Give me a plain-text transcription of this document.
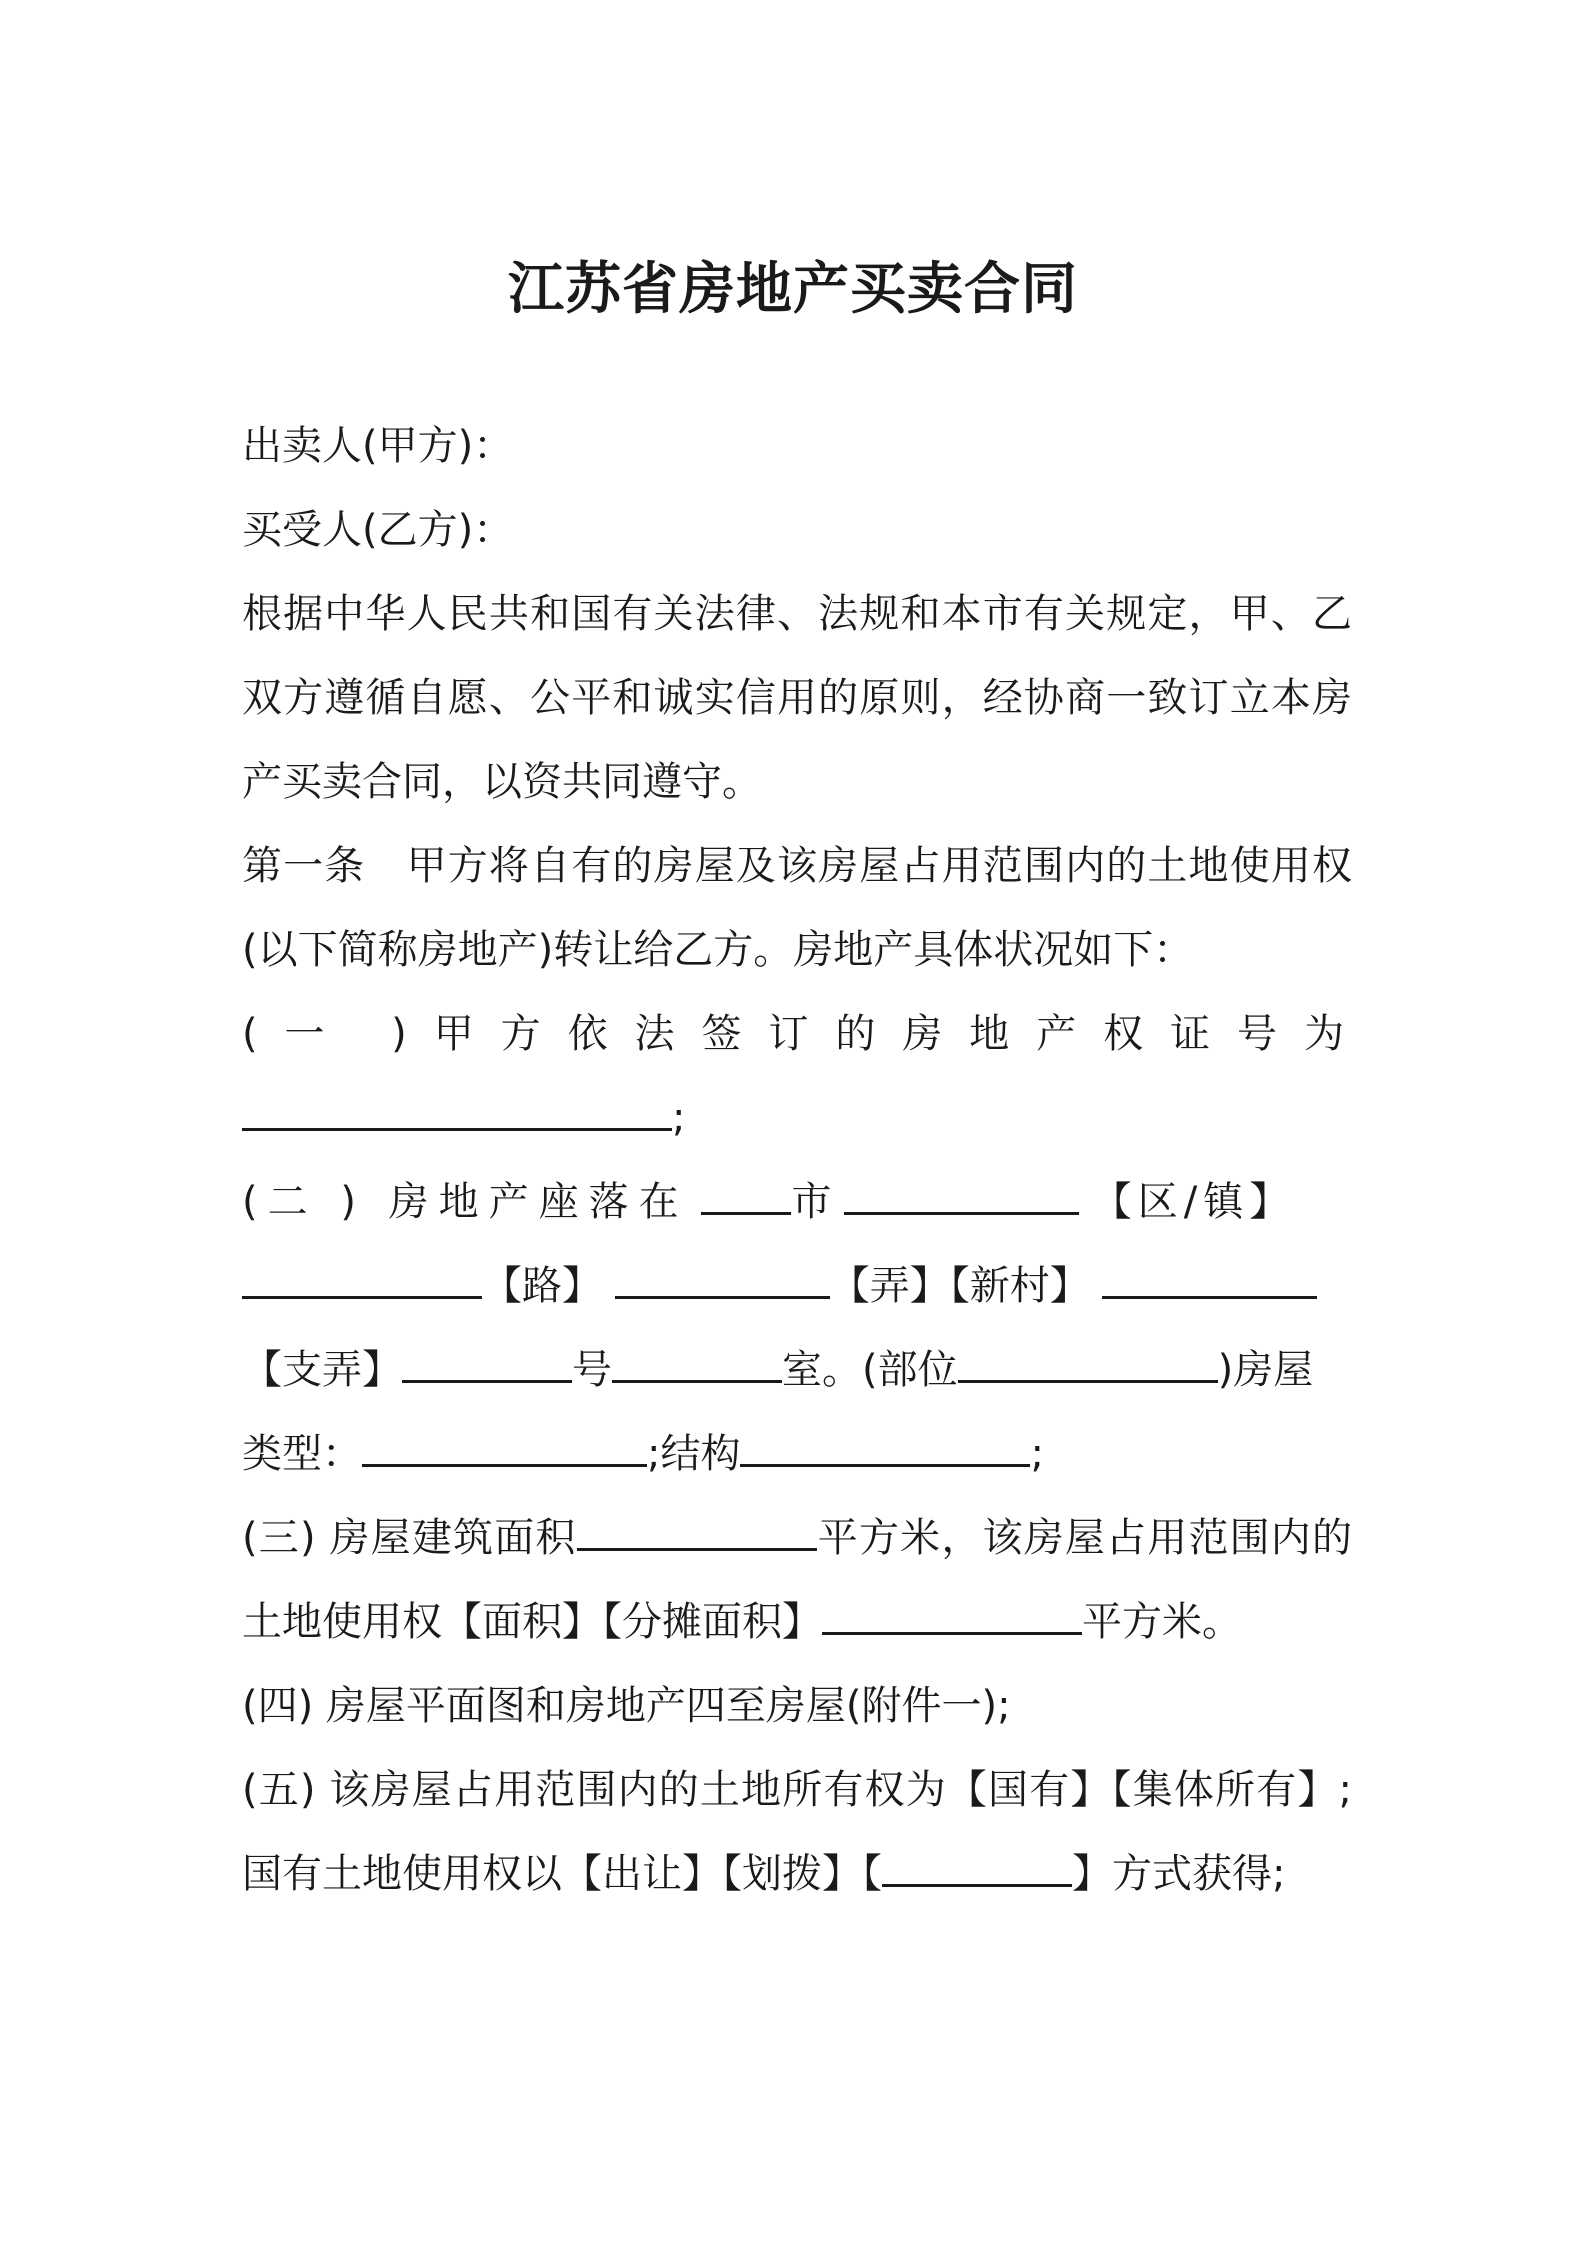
江苏省房地产买卖合同
出卖人(甲方)：
买受人(乙方)：
根据中华人民共和国有关法律、法规和本市有关规定，甲、乙双方遵循自愿、公平和诚实信用的原则，经协商一致订立本房产买卖合同，以资共同遵守。
第一条　甲方将自有的房屋及该房屋占用范围内的土地使用权(以下简称房地产)转让给乙方。房地产具体状况如下：
(一 )甲方依法签订的房地产权证号为
;
(二 ) 房地产座落在	市	【区/镇】
【路】	【弄】【新村】
【支弄】	号	室。(部位	)房屋
类型：	;结构	;
(三) 房屋建筑面积	平方米，该房屋占用范围内的土地使用权【面积】【分摊面积】	平方米。
(四) 房屋平面图和房地产四至房屋(附件一);
(五) 该房屋占用范围内的土地所有权为【国有】【集体所有】;国有土地使用权以【出让】【划拨】【	】方式获得;
